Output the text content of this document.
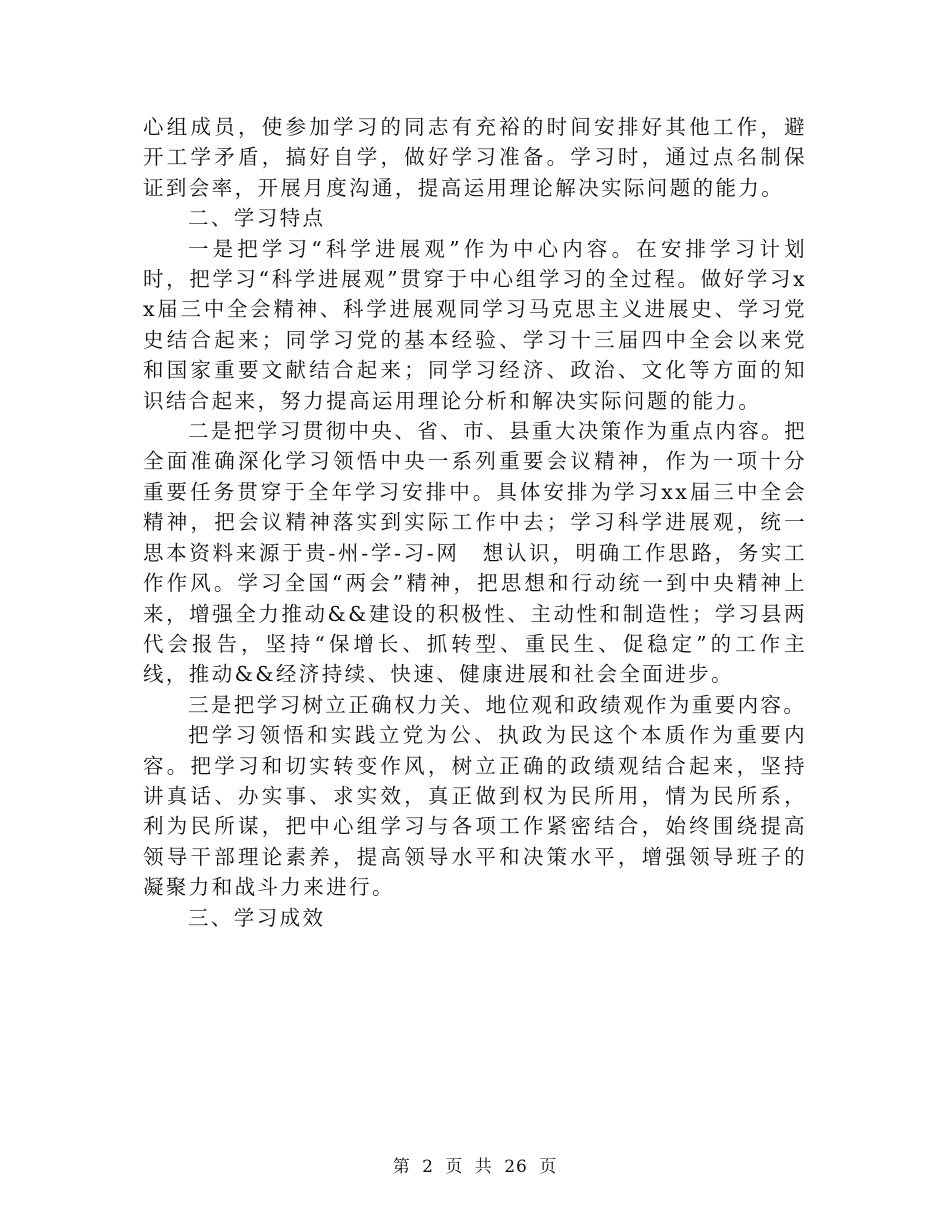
心组成员，使参加学习的同志有充裕的时间安排好其他工作，避开工学矛盾，搞好自学，做好学习准备。学习时，通过点名制保证到会率，开展月度沟通，提高运用理论解决实际问题的能力。

二、学习特点

一是把学习“科学进展观”作为中心内容。在安排学习计划时，把学习“科学进展观”贯穿于中心组学习的全过程。做好学习xx届三中全会精神、科学进展观同学习马克思主义进展史、学习党史结合起来；同学习党的基本经验、学习十三届四中全会以来党和国家重要文献结合起来；同学习经济、政治、文化等方面的知识结合起来，努力提高运用理论分析和解决实际问题的能力。

二是把学习贯彻中央、省、市、县重大决策作为重点内容。把全面准确深化学习领悟中央一系列重要会议精神，作为一项十分重要任务贯穿于全年学习安排中。具体安排为学习xx届三中全会精神，把会议精神落实到实际工作中去；学习科学进展观，统一思本资料来源于贵-州-学-习-网　想认识，明确工作思路，务实工作作风。学习全国“两会”精神，把思想和行动统一到中央精神上来，增强全力推动&&建设的积极性、主动性和制造性；学习县两代会报告，坚持“保增长、抓转型、重民生、促稳定”的工作主线，推动&&经济持续、快速、健康进展和社会全面进步。

三是把学习树立正确权力关、地位观和政绩观作为重要内容。

把学习领悟和实践立党为公、执政为民这个本质作为重要内容。把学习和切实转变作风，树立正确的政绩观结合起来，坚持讲真话、办实事、求实效，真正做到权为民所用，情为民所系，利为民所谋，把中心组学习与各项工作紧密结合，始终围绕提高领导干部理论素养，提高领导水平和决策水平，增强领导班子的凝聚力和战斗力来进行。

三、学习成效

第 2 页 共 26 页
